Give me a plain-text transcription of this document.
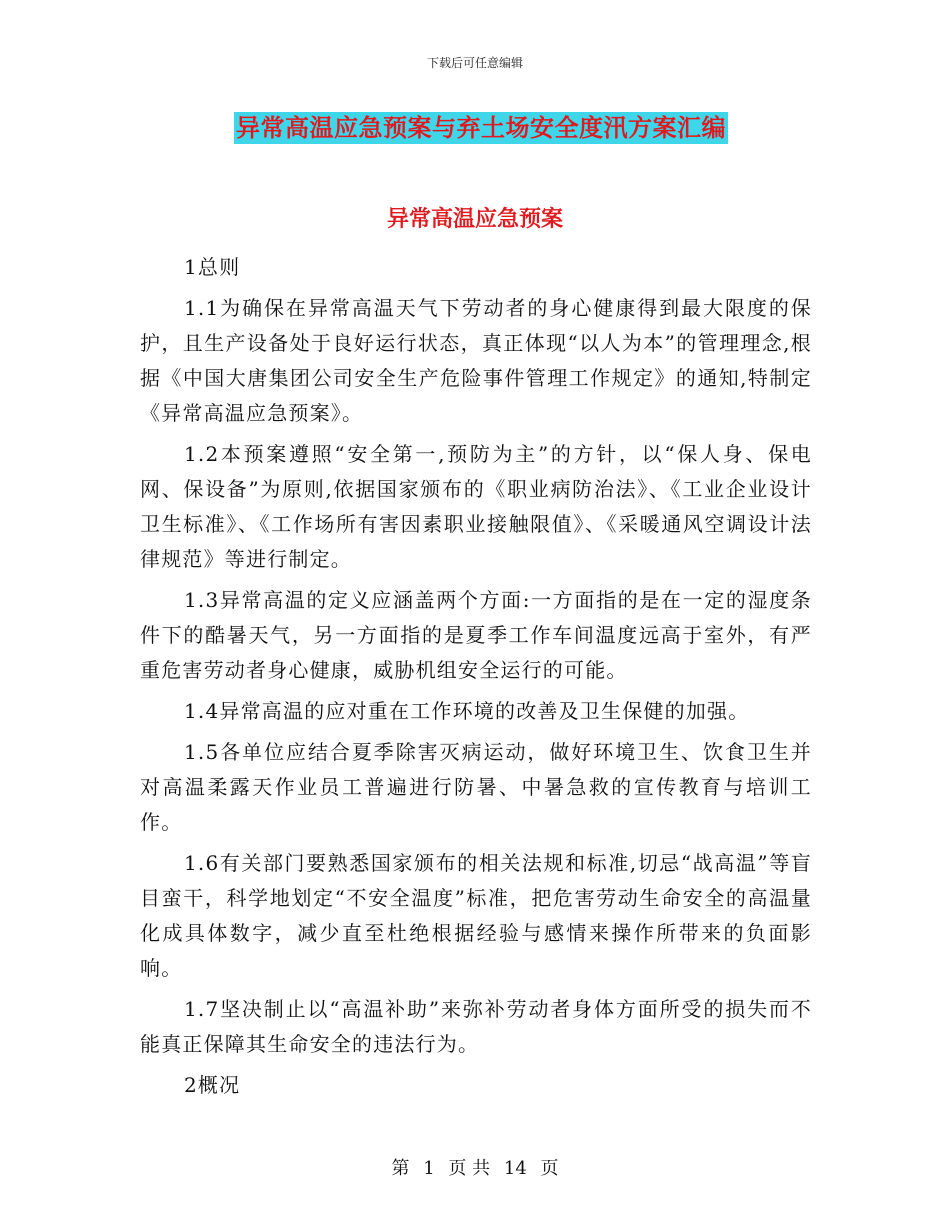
下载后可任意编辑
异常高温应急预案与弃土场安全度汛方案汇编
异常高温应急预案

1总则

1.1为确保在异常高温天气下劳动者的身心健康得到最大限度的保护，且生产设备处于良好运行状态，真正体现“以人为本”的管理理念,根据《中国大唐集团公司安全生产危险事件管理工作规定》的通知,特制定《异常高温应急预案》。

1.2本预案遵照“安全第一,预防为主”的方针，以“保人身、保电网、保设备”为原则,依据国家颁布的《职业病防治法》、《工业企业设计卫生标准》、《工作场所有害因素职业接触限值》、《采暖通风空调设计法律规范》等进行制定。

1.3异常高温的定义应涵盖两个方面:一方面指的是在一定的湿度条件下的酷暑天气，另一方面指的是夏季工作车间温度远高于室外，有严重危害劳动者身心健康，威胁机组安全运行的可能。

1.4异常高温的应对重在工作环境的改善及卫生保健的加强。

1.5各单位应结合夏季除害灭病运动，做好环境卫生、饮食卫生并对高温柔露天作业员工普遍进行防暑、中暑急救的宣传教育与培训工作。

1.6有关部门要熟悉国家颁布的相关法规和标准,切忌“战高温”等盲目蛮干，科学地划定“不安全温度”标准，把危害劳动生命安全的高温量化成具体数字，减少直至杜绝根据经验与感情来操作所带来的负面影响。

1.7坚决制止以“高温补助”来弥补劳动者身体方面所受的损失而不能真正保障其生命安全的违法行为。

2概况

第 1 页 共 14 页
